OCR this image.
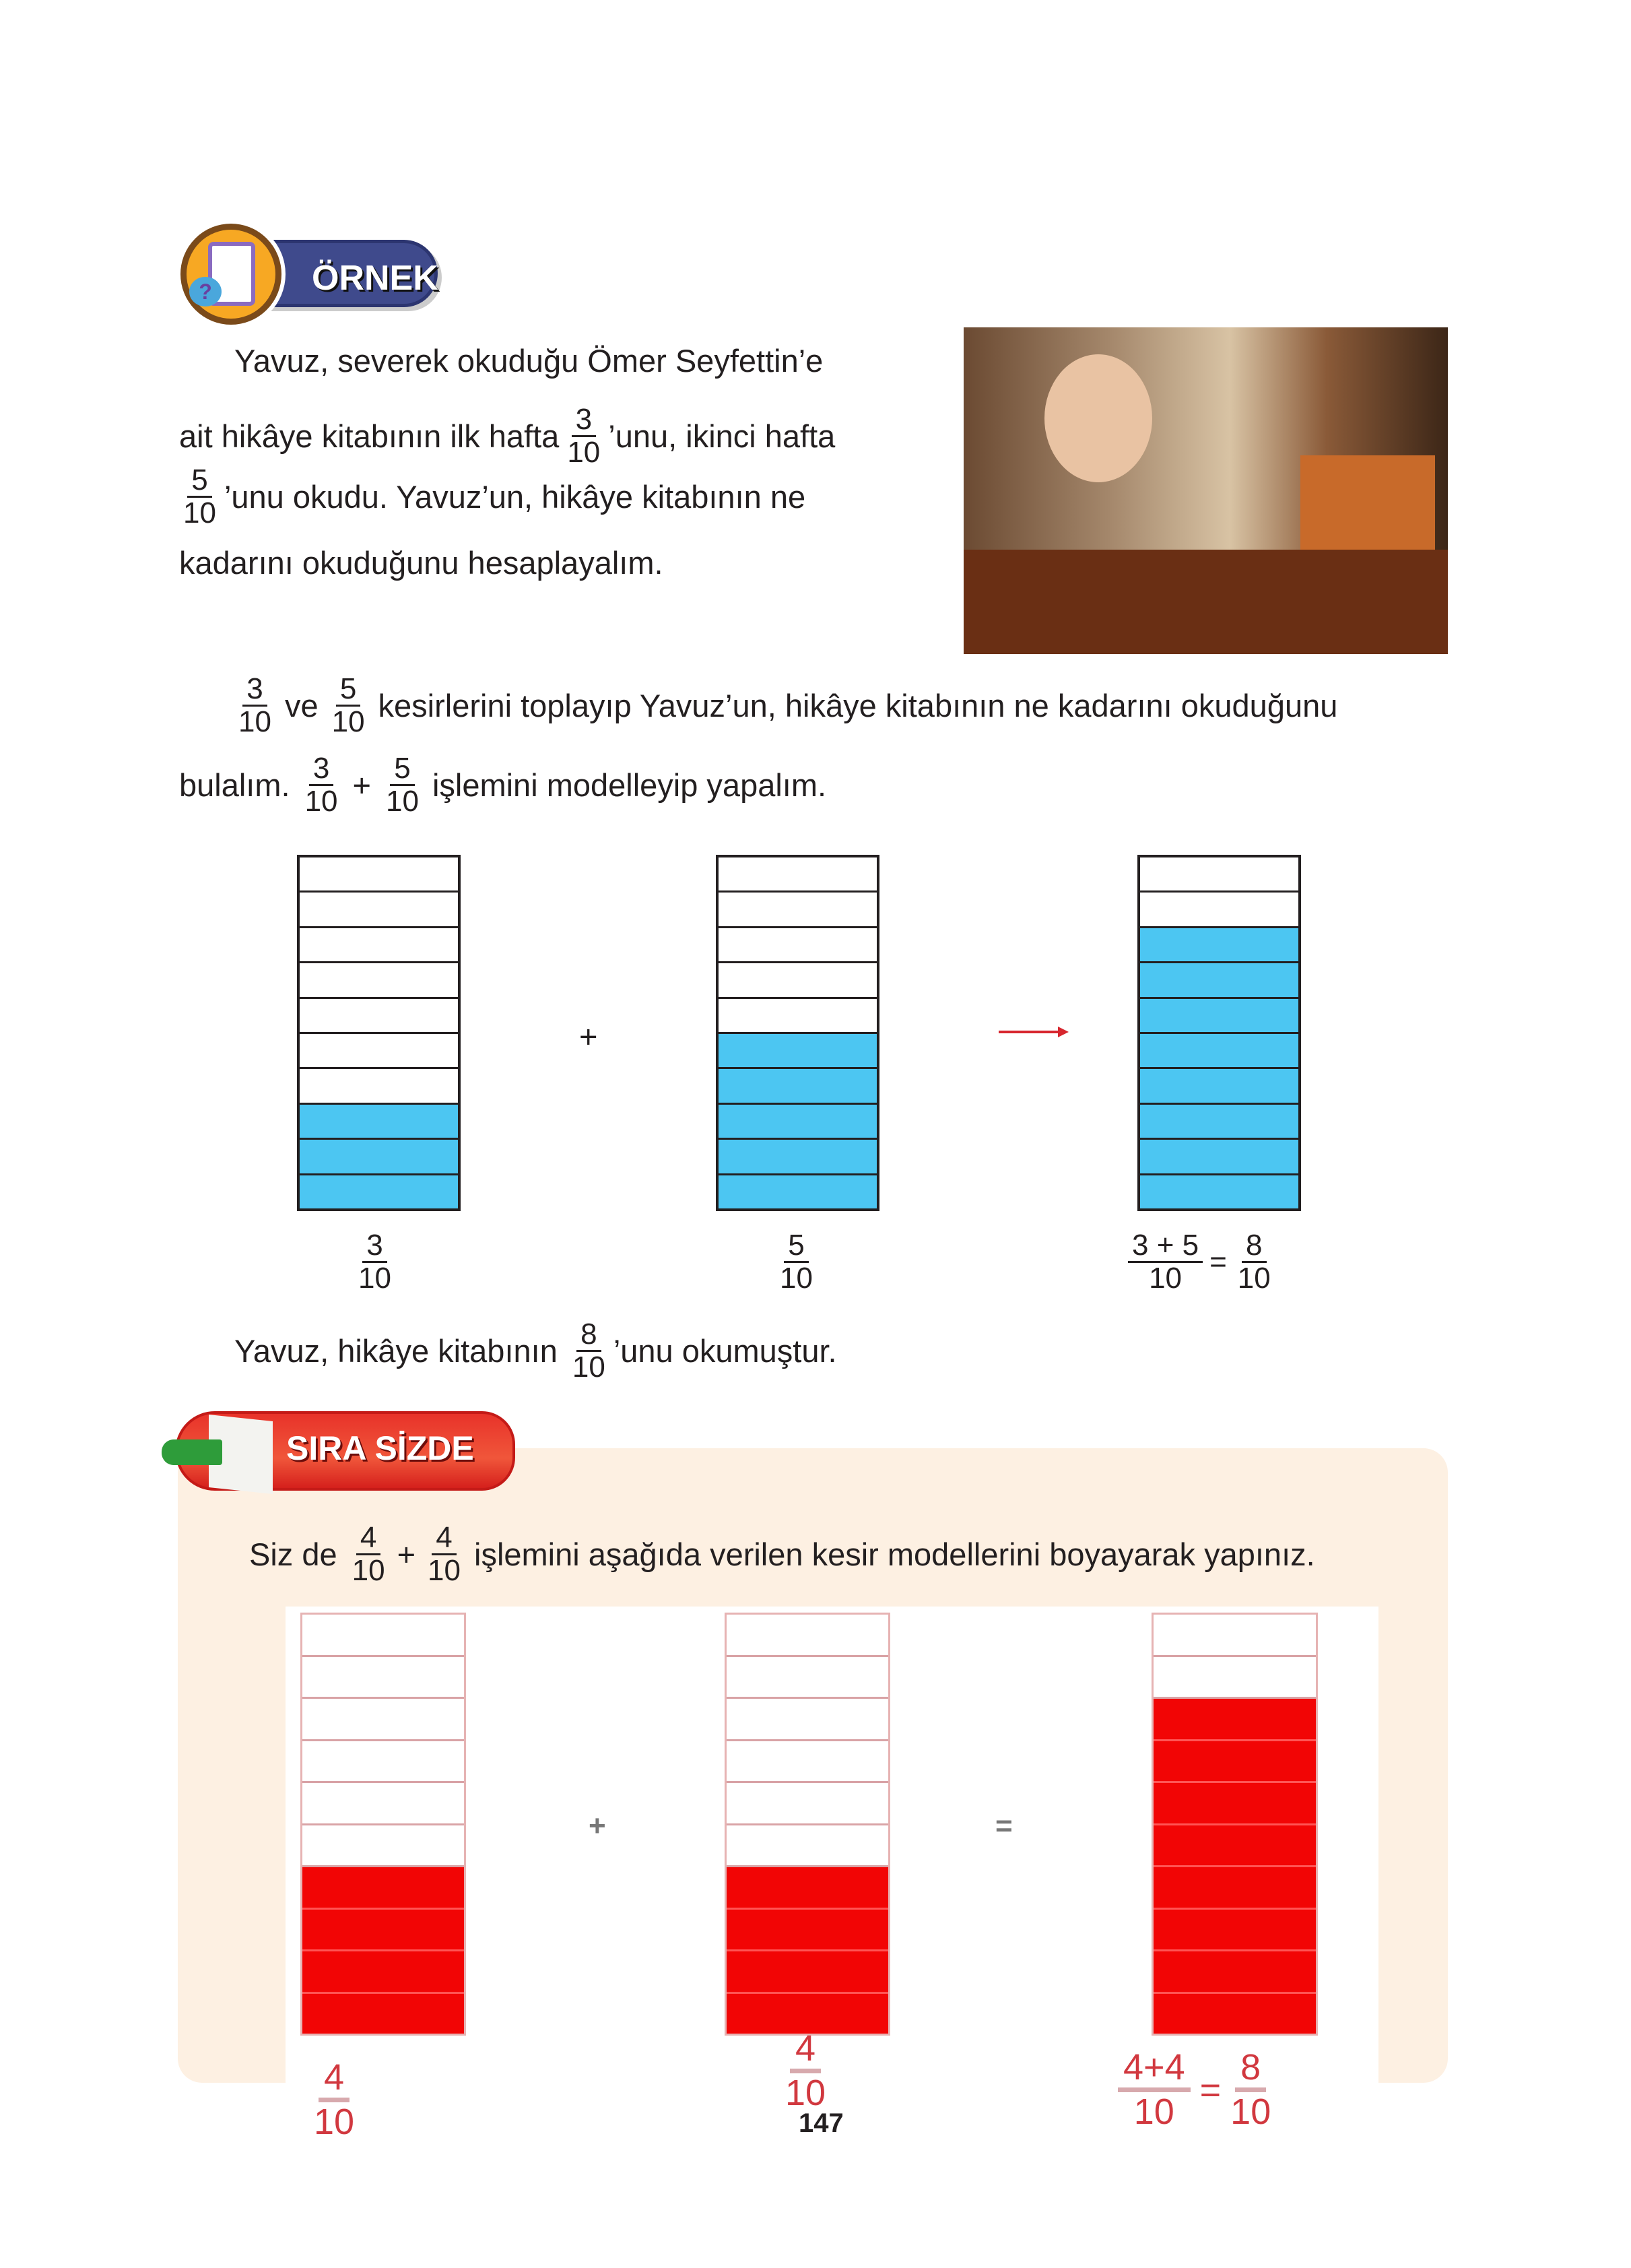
ÖRNEK
?
Yavuz, severek okuduğu Ömer Seyfettin’e
ait hikâye kitabının ilk hafta 3
10 ’unu, ikinci hafta
5
10 ’unu okudu. Yavuz’un, hikâye kitabının ne
kadarını okuduğunu hesaplayalım.
3
10 ve 5
10 kesirlerini toplayıp Yavuz’un, hikâye kitabının ne kadarını okuduğunu
bulalım. 3
$10 + \frac{5}{10}$ işlemini modelleyip yapalım.
+
3
10
5
10	$\frac{3 + 5}{10} = \frac{8}{10}$
Yavuz, hikâye kitabının 8
10 ’unu okumuştur.
SIRA SİZDE
Siz de 4
$10 + \frac{4}{10}$ işlemini aşağıda verilen kesir modellerini boyayarak yapınız.
+	=
4
10
4
10	$\frac{4+4}{10} = \frac{8}{10}$
147
